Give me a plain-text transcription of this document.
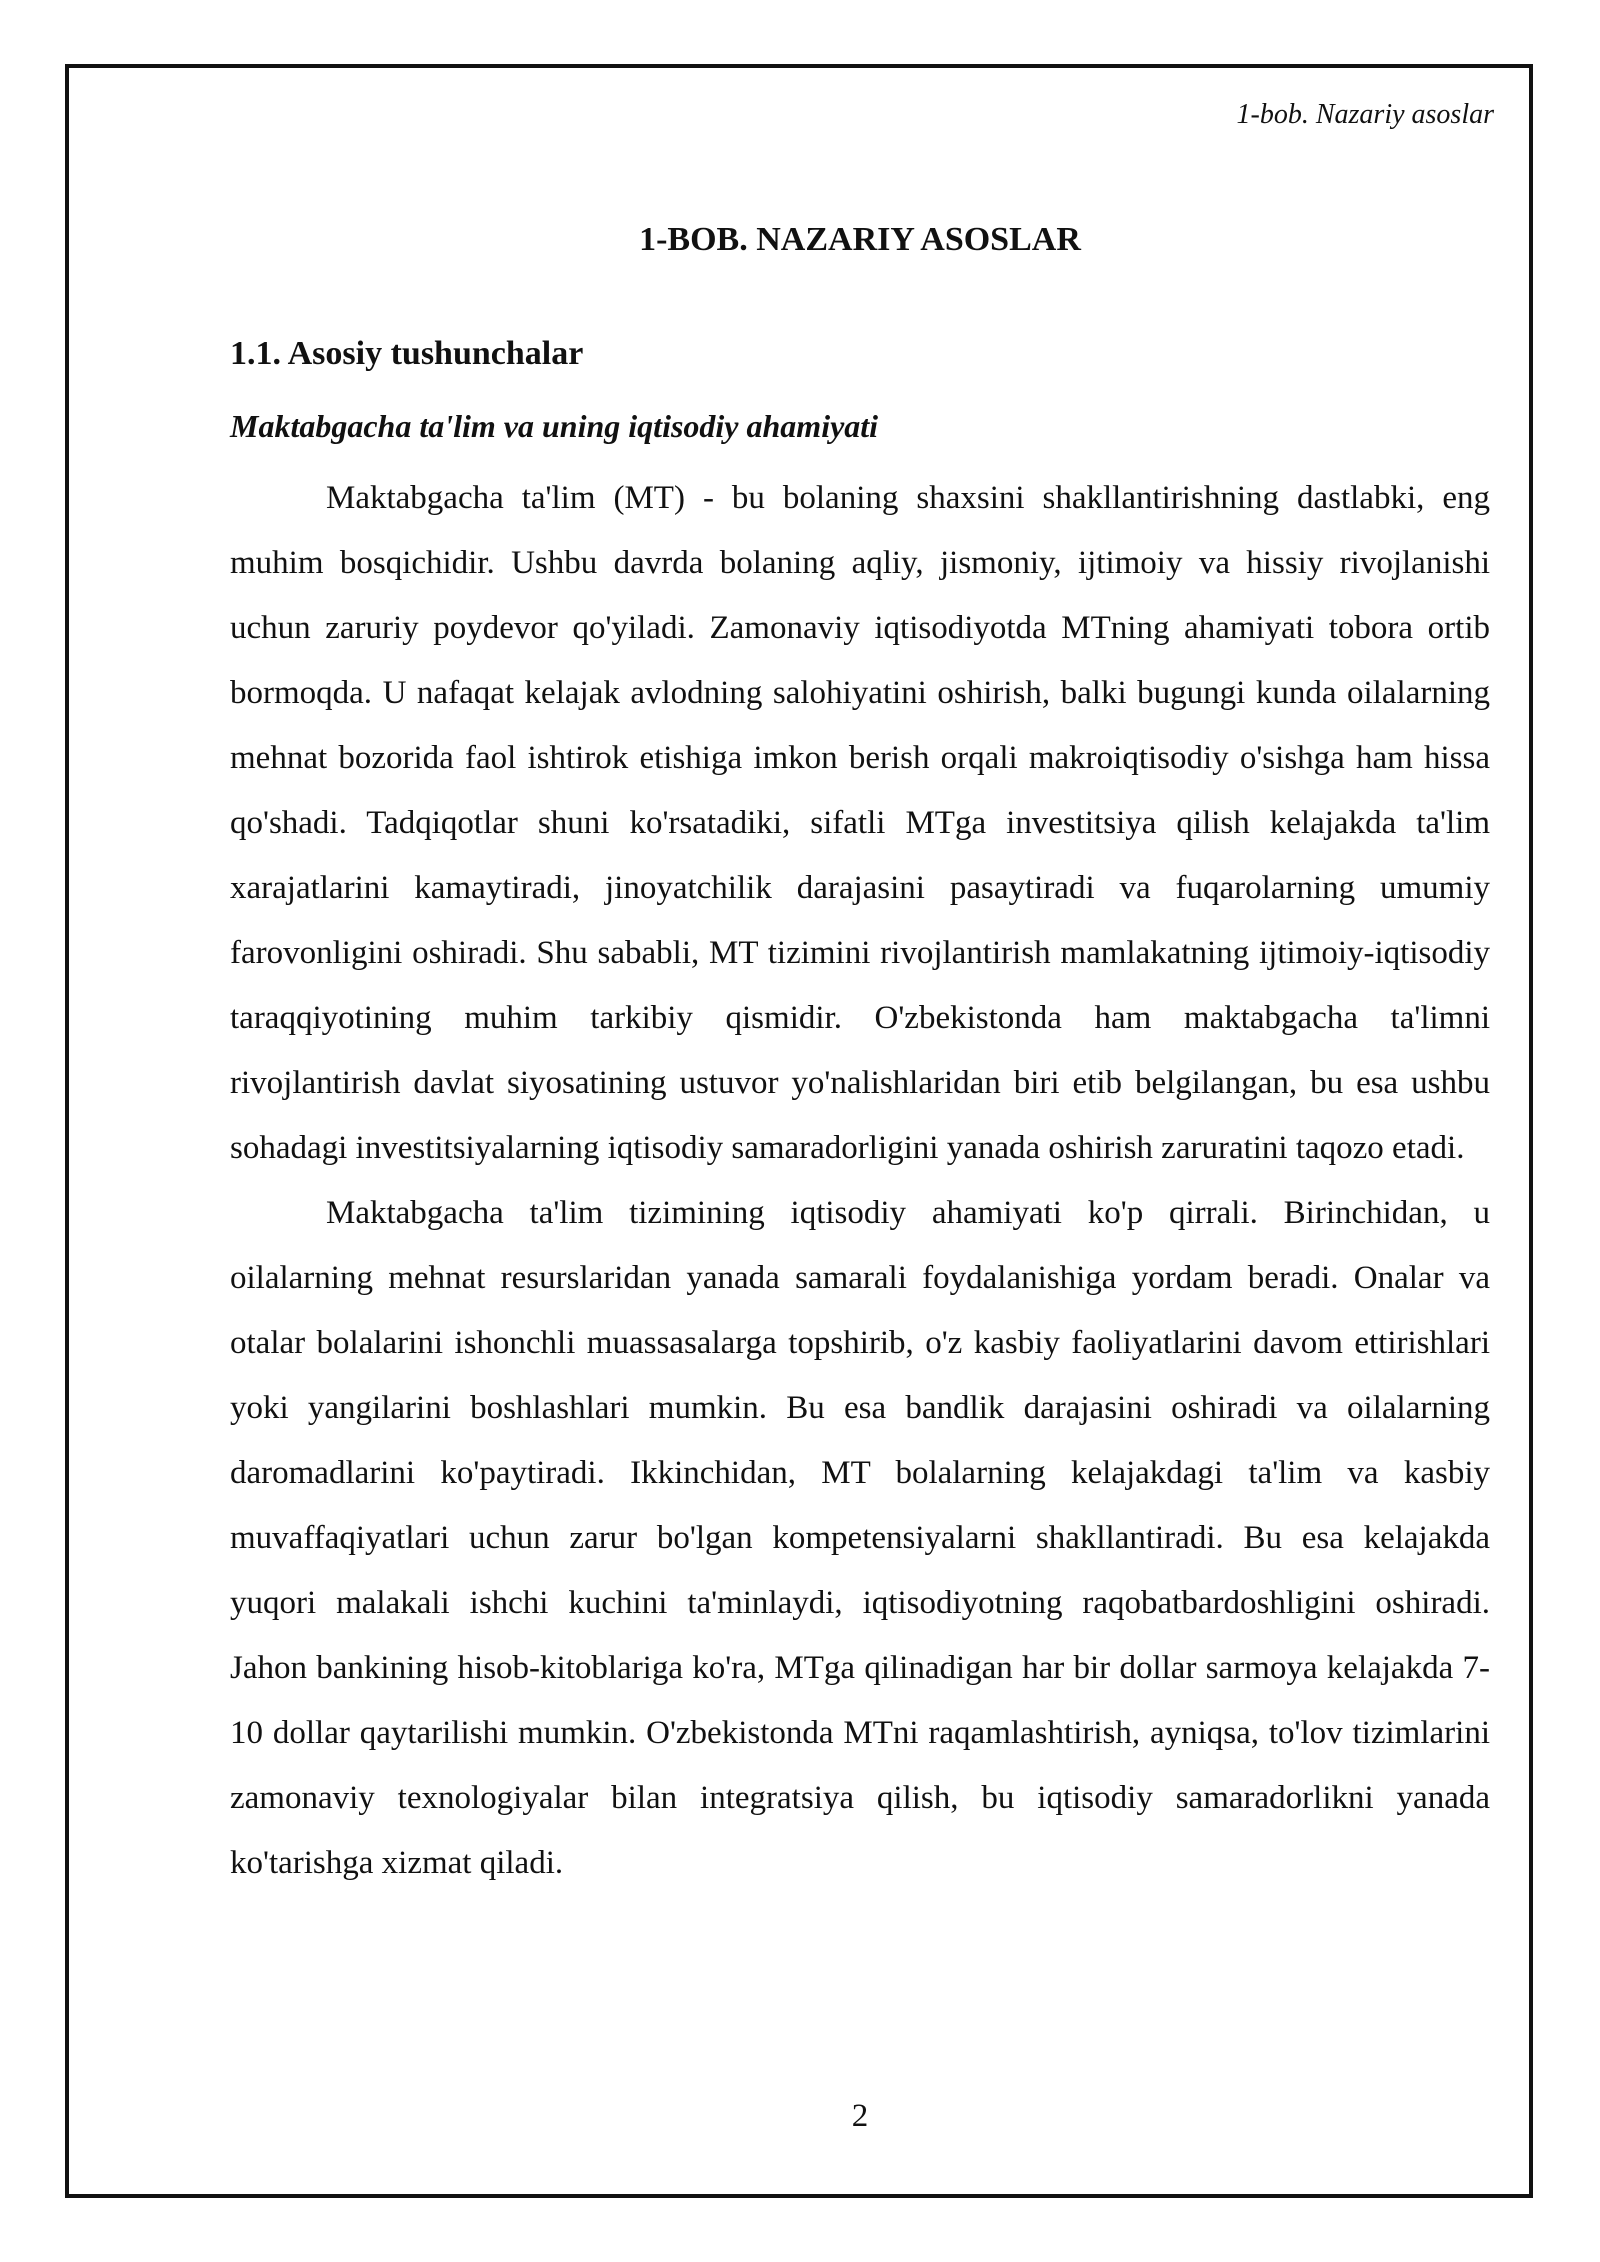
1-bob. Nazariy asoslar
1-BOB. NAZARIY ASOSLAR
1.1. Asosiy tushunchalar
Maktabgacha ta'lim va uning iqtisodiy ahamiyati

Maktabgacha ta'lim (MT) - bu bolaning shaxsini shakllantirishning dastlabki, eng muhim bosqichidir. Ushbu davrda bolaning aqliy, jismoniy, ijtimoiy va hissiy rivojlanishi uchun zaruriy poydevor qo'yiladi. Zamonaviy iqtisodiyotda MTning ahamiyati tobora ortib bormoqda. U nafaqat kelajak avlodning salohiyatini oshirish, balki bugungi kunda oilalarning mehnat bozorida faol ishtirok etishiga imkon berish orqali makroiqtisodiy o'sishga ham hissa qo'shadi. Tadqiqotlar shuni ko'rsatadiki, sifatli MTga investitsiya qilish kelajakda ta'lim xarajatlarini kamaytiradi, jinoyatchilik darajasini pasaytiradi va fuqarolarning umumiy farovonligini oshiradi. Shu sababli, MT tizimini rivojlantirish mamlakatning ijtimoiy-iqtisodiy taraqqiyotining muhim tarkibiy qismidir. O'zbekistonda ham maktabgacha ta'limni rivojlantirish davlat siyosatining ustuvor yo'nalishlaridan biri etib belgilangan, bu esa ushbu sohadagi investitsiyalarning iqtisodiy samaradorligini yanada oshirish zaruratini taqozo etadi.

Maktabgacha ta'lim tizimining iqtisodiy ahamiyati ko'p qirrali. Birinchidan, u oilalarning mehnat resurslaridan yanada samarali foydalanishiga yordam beradi. Onalar va otalar bolalarini ishonchli muassasalarga topshirib, o'z kasbiy faoliyatlarini davom ettirishlari yoki yangilarini boshlashlari mumkin. Bu esa bandlik darajasini oshiradi va oilalarning daromadlarini ko'paytiradi. Ikkinchidan, MT bolalarning kelajakdagi ta'lim va kasbiy muvaffaqiyatlari uchun zarur bo'lgan kompetensiyalarni shakllantiradi. Bu esa kelajakda yuqori malakali ishchi kuchini ta'minlaydi, iqtisodiyotning raqobatbardoshligini oshiradi. Jahon bankining hisob-kitoblariga ko'ra, MTga qilinadigan har bir dollar sarmoya kelajakda 7-10 dollar qaytarilishi mumkin. O'zbekistonda MTni raqamlashtirish, ayniqsa, to'lov tizimlarini zamonaviy texnologiyalar bilan integratsiya qilish, bu iqtisodiy samaradorlikni yanada ko'tarishga xizmat qiladi.

2
